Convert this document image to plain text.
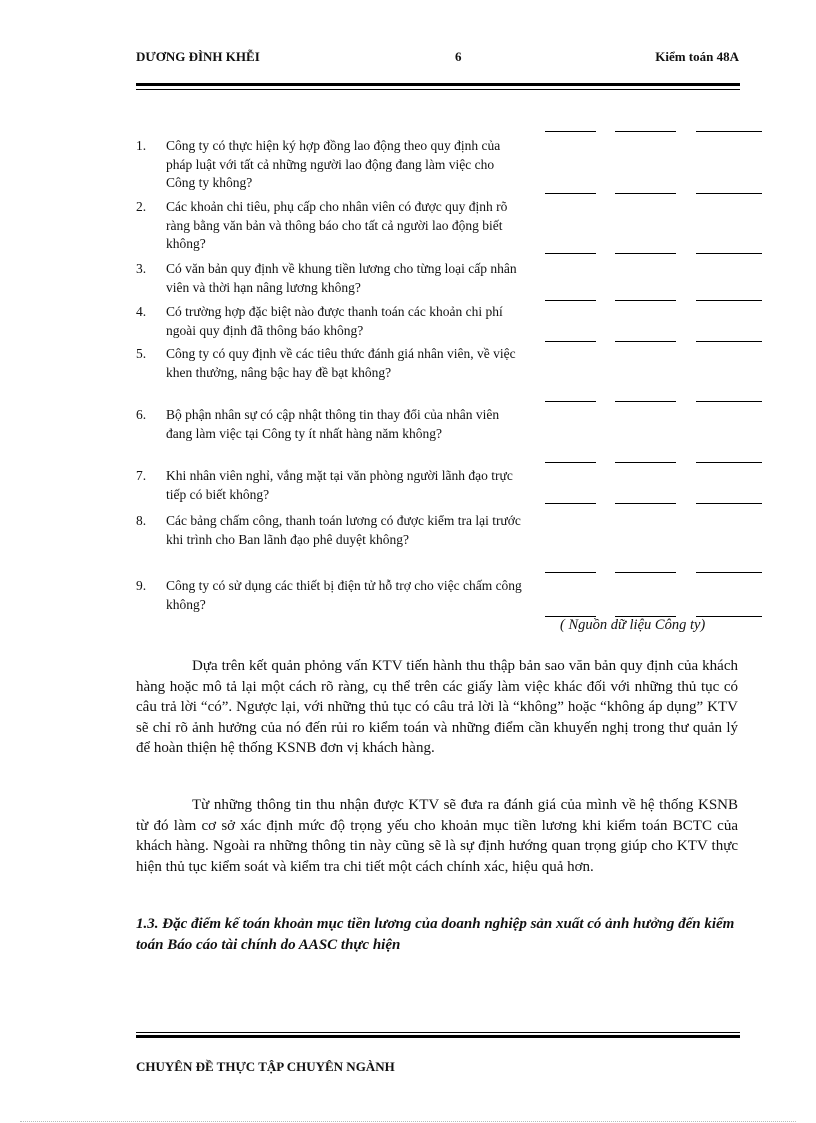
DƯƠNG ĐÌNH KHỄI	6	Kiểm toán 48A
1. Công ty có thực hiện ký hợp đồng lao động theo quy định của pháp luật với tất cả những người lao động đang làm việc cho Công ty không?
2. Các khoản chi tiêu, phụ cấp cho nhân viên có được quy định rõ ràng bằng văn bản và thông báo cho tất cả người lao động biết không?
3. Có văn bản quy định về khung tiền lương cho từng loại cấp nhân viên và thời hạn nâng lương không?
4. Có trường hợp đặc biệt nào được thanh toán các khoản chi phí ngoài quy định đã thông báo không?
5. Công ty có quy định về các tiêu thức đánh giá nhân viên, về việc khen thưởng, nâng bậc hay đề bạt không?
6. Bộ phận nhân sự có cập nhật thông tin thay đổi của nhân viên đang làm việc tại Công ty ít nhất hàng năm không?
7. Khi nhân viên nghỉ, vắng mặt tại văn phòng người lãnh đạo trực tiếp có biết không?
8. Các bảng chấm công, thanh toán lương có được kiểm tra lại trước khi trình cho Ban lãnh đạo phê duyệt không?
9. Công ty có sử dụng các thiết bị điện tử hỗ trợ cho việc chấm công không?
( Nguồn dữ liệu Công ty)
Dựa trên kết quản phỏng vấn KTV tiến hành thu thập bản sao văn bản quy định của khách hàng hoặc mô tả lại một cách rõ ràng, cụ thể trên các giấy làm việc khác đối với những thủ tục có câu trả lời “có”. Ngược lại, với những thủ tục có câu trả lời là “không” hoặc “không áp dụng” KTV sẽ chỉ rõ ảnh hưởng của nó đến rủi ro kiểm toán và những điểm cần khuyến nghị trong thư quản lý để hoàn thiện hệ thống KSNB đơn vị khách hàng.
Từ những thông tin thu nhận được KTV sẽ đưa ra đánh giá của mình về hệ thống KSNB từ đó làm cơ sở xác định mức độ trọng yếu cho khoản mục tiền lương khi kiểm toán BCTC của khách hàng. Ngoài ra những thông tin này cũng sẽ là sự định hướng quan trọng giúp cho KTV thực hiện thủ tục kiểm soát và kiểm tra chi tiết một cách chính xác, hiệu quả hơn.
1.3. Đặc điểm kế toán khoản mục tiền lương của doanh nghiệp sản xuất có ảnh hưởng đến kiểm toán Báo cáo tài chính do AASC thực hiện
CHUYÊN ĐỀ THỰC TẬP CHUYÊN NGÀNH
